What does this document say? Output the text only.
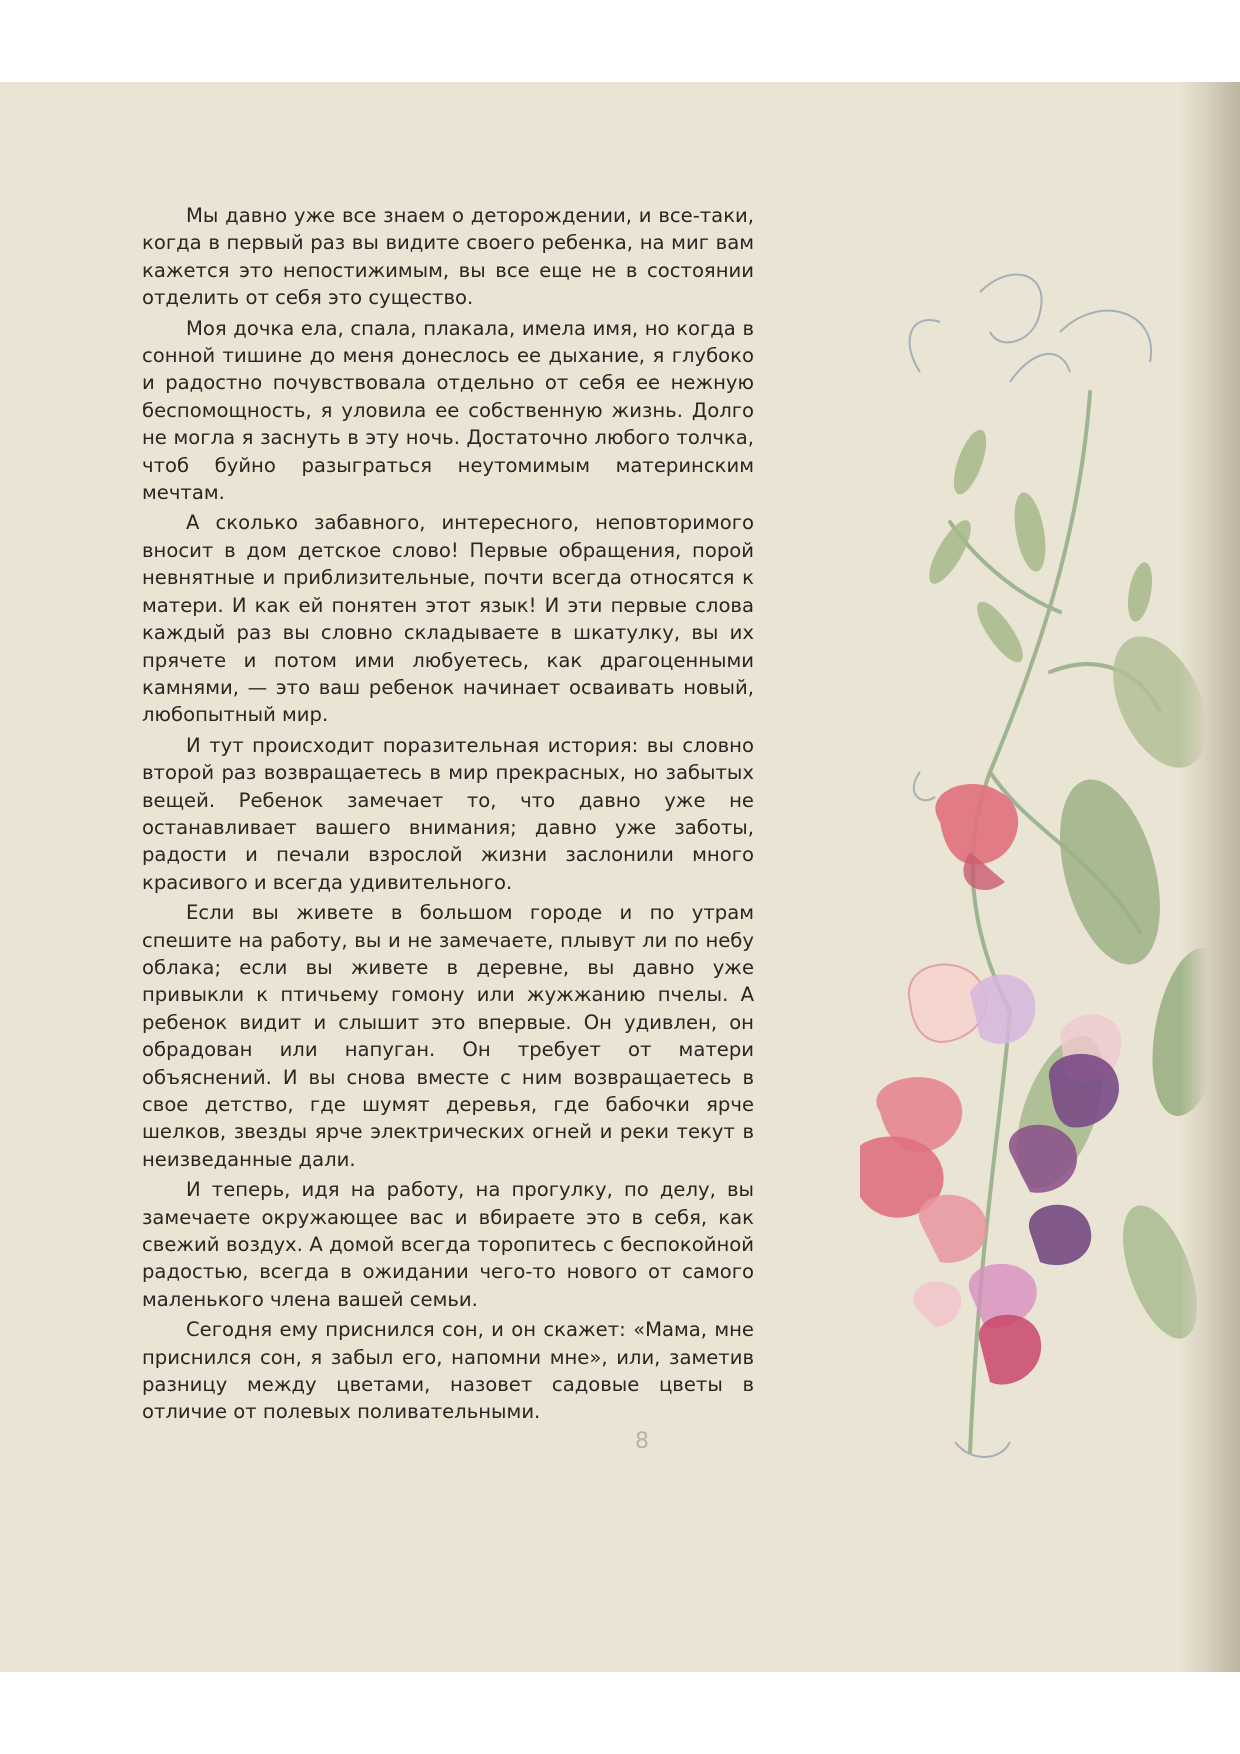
Мы давно уже все знаем о деторождении, и все-таки, когда в первый раз вы видите своего ребенка, на миг вам кажется это непостижимым, вы все еще не в состоянии отделить от себя это существо.

Моя дочка ела, спала, плакала, имела имя, но когда в сонной тишине до меня донеслось ее дыхание, я глубоко и радостно почувствовала отдельно от себя ее нежную беспомощность, я уловила ее собственную жизнь. Долго не могла я заснуть в эту ночь. Достаточно любого толчка, чтоб буйно разыграться неутомимым материнским мечтам.

А сколько забавного, интересного, неповторимого вносит в дом детское слово! Первые обращения, порой невнятные и приблизительные, почти всегда относятся к матери. И как ей понятен этот язык! И эти первые слова каждый раз вы словно складываете в шкатулку, вы их прячете и потом ими любуетесь, как драгоценными камнями, — это ваш ребенок начинает осваивать новый, любопытный мир.

И тут происходит поразительная история: вы словно второй раз возвращаетесь в мир прекрасных, но забытых вещей. Ребенок замечает то, что давно уже не останавливает вашего внимания; давно уже заботы, радости и печали взрослой жизни заслонили много красивого и всегда удивительного.

Если вы живете в большом городе и по утрам спешите на работу, вы и не замечаете, плывут ли по небу облака; если вы живете в деревне, вы давно уже привыкли к птичьему гомону или жужжанию пчелы. А ребенок видит и слышит это впервые. Он удивлен, он обрадован или напуган. Он требует от матери объяснений. И вы снова вместе с ним возвращаетесь в свое детство, где шумят деревья, где бабочки ярче шелков, звезды ярче электрических огней и реки текут в неизведанные дали.

И теперь, идя на работу, на прогулку, по делу, вы замечаете окружающее вас и вбираете это в себя, как свежий воздух. А домой всегда торопитесь с беспокойной радостью, всегда в ожидании чего-то нового от самого маленького члена вашей семьи.

Сегодня ему приснился сон, и он скажет: «Мама, мне приснился сон, я забыл его, напомни мне», или, заметив разницу между цветами, назовет садовые цветы в отличие от полевых поливательными.

8
